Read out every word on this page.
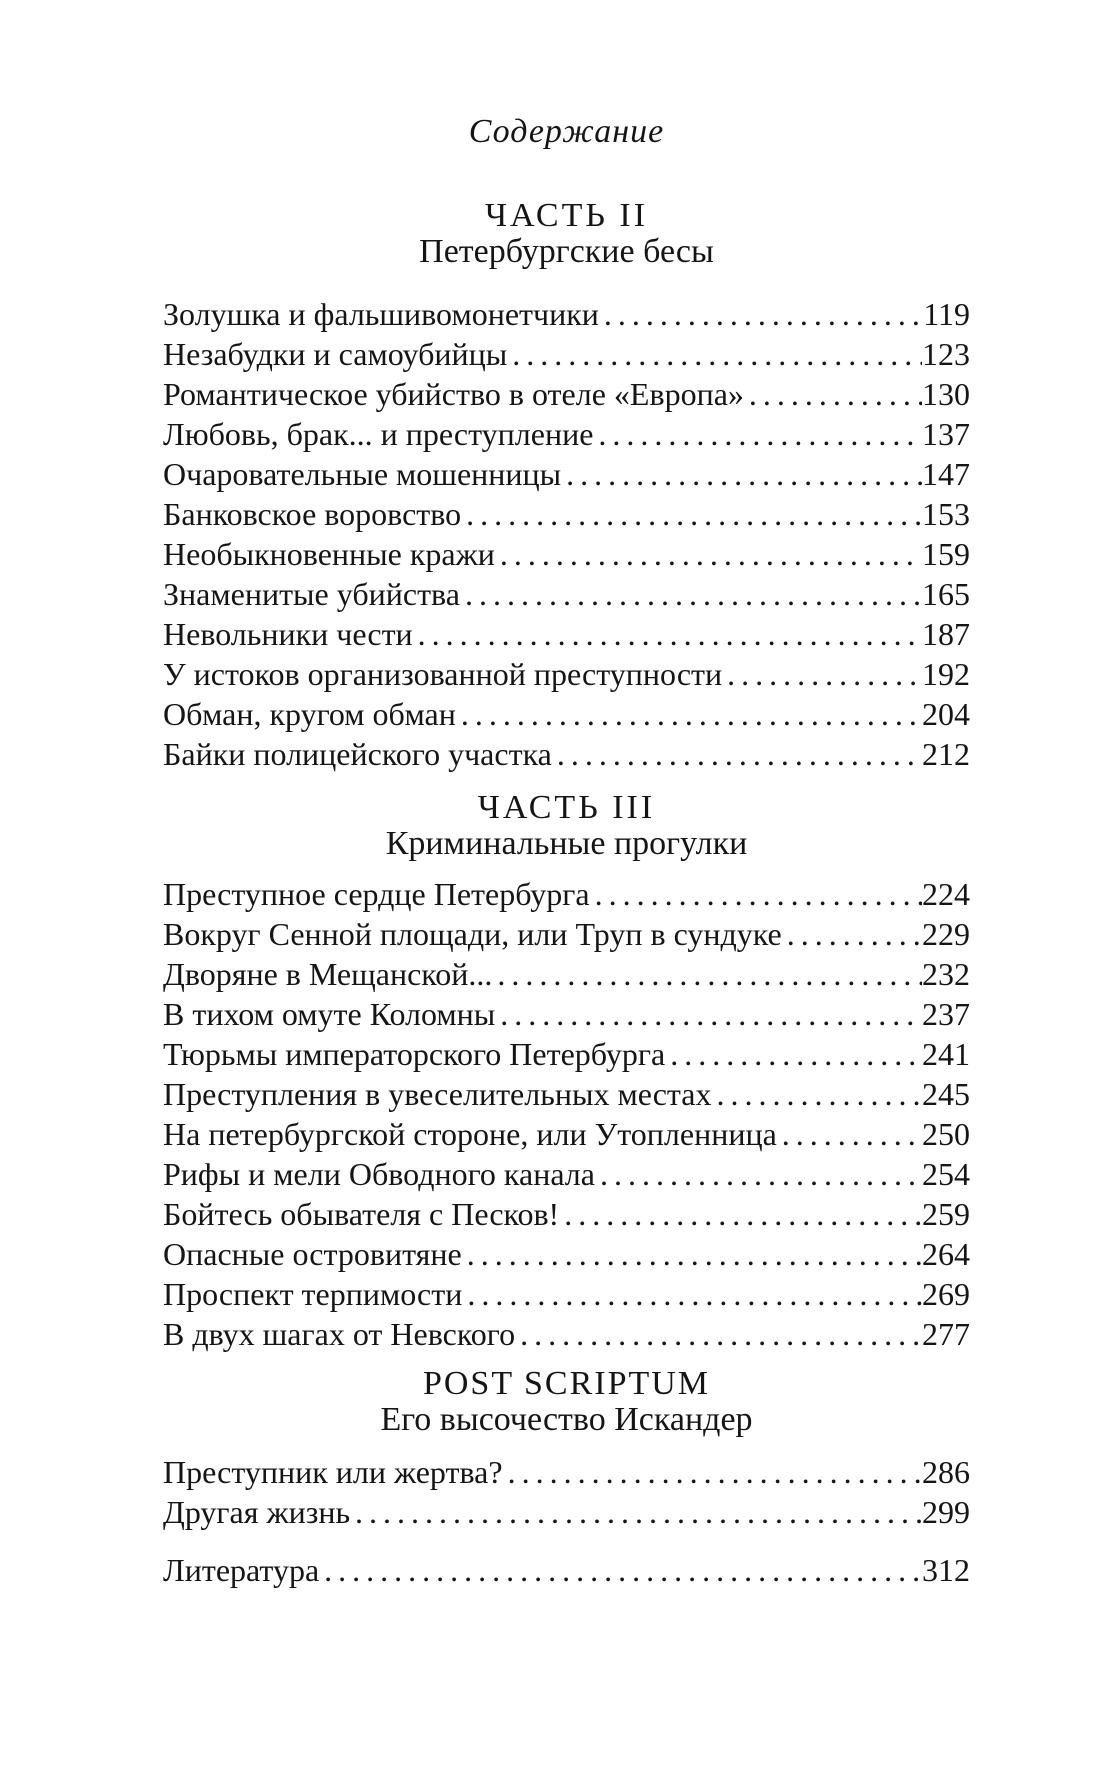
Содержание
ЧАСТЬ II
Петербургские бесы
Золушка и фальшивомонетчики .....	119
Незабудки и самоубийцы .....	123
Романтическое убийство в отеле «Европа» .....	130
Любовь, брак... и преступление .....	137
Очаровательные мошенницы .....	147
Банковское воровство .....	153
Необыкновенные кражи .....	159
Знаменитые убийства .....	165
Невольники чести .....	187
У истоков организованной преступности .....	192
Обман, кругом обман .....	204
Байки полицейского участка .....	212
ЧАСТЬ III
Криминальные прогулки
Преступное сердце Петербурга .....	224
Вокруг Сенной площади, или Труп в сундуке .....	229
Дворяне в Мещанской... .....	232
В тихом омуте Коломны .....	237
Тюрьмы императорского Петербурга .....	241
Преступления в увеселительных местах .....	245
На петербургской стороне, или Утопленница .....	250
Рифы и мели Обводного канала .....	254
Бойтесь обывателя с Песков! .....	259
Опасные островитяне .....	264
Проспект терпимости .....	269
В двух шагах от Невского .....	277
POST SCRIPTUM
Его высочество Искандер
Преступник или жертва? .....	286
Другая жизнь .....	299
Литература .....	312
